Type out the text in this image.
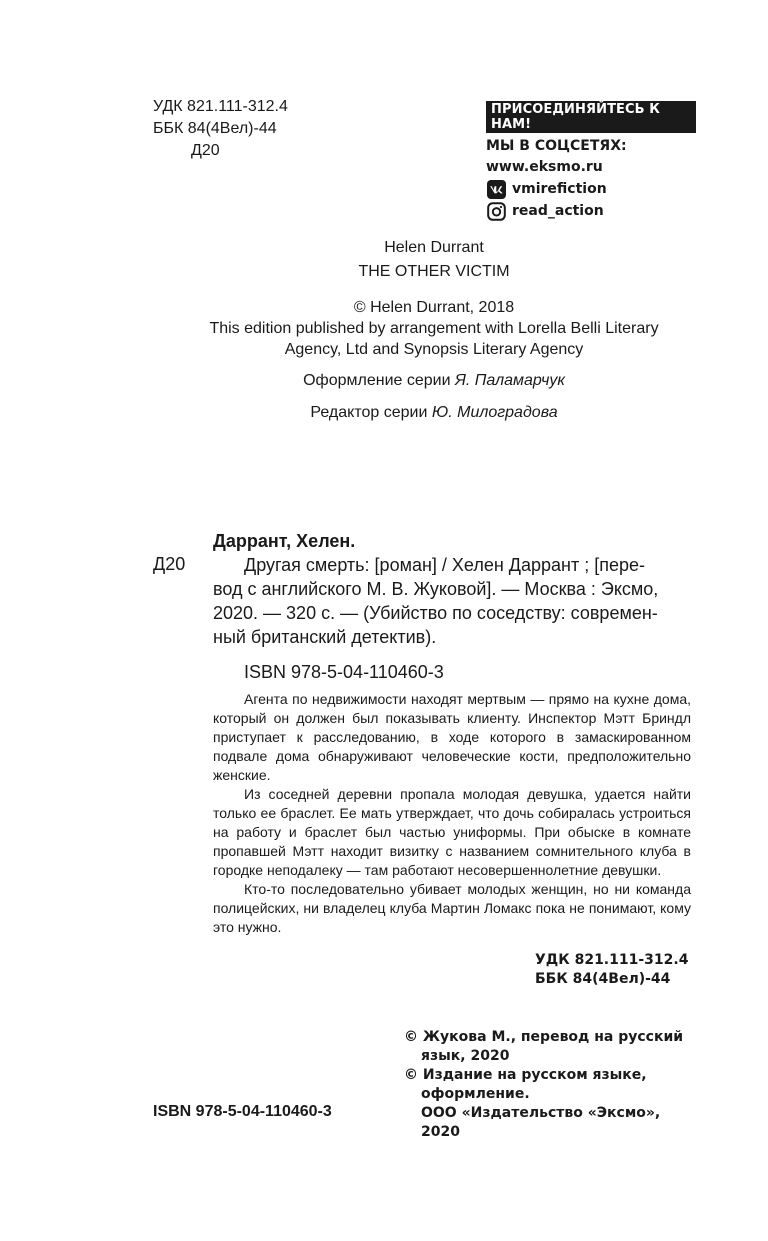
УДК 821.111-312.4
ББК 84(4Вел)-44
Д20
ПРИСОЕДИНЯЙТЕСЬ К НАМ!
МЫ В СОЦСЕТЯХ:
www.eksmo.ru
vmirefiction
read_action
Helen Durrant
THE OTHER VICTIM
© Helen Durrant, 2018
This edition published by arrangement with Lorella Belli Literary
Agency, Ltd and Synopsis Literary Agency
Оформление серии Я. Паламарчук
Редактор серии Ю. Милоградова
Даррант, Хелен.
Д20	Другая смерть: [роман] / Хелен Даррант ; [пере-
вод с английского М. В. Жуковой]. — Москва : Эксмо,
2020. — 320 с. — (Убийство по соседству: современ-
ный британский детектив).
ISBN 978-5-04-110460-3

Агента по недвижимости находят мертвым — прямо на кухне дома, который он должен был показывать клиенту. Инспектор Мэтт Бриндл приступает к расследованию, в ходе которого в замаскированном подвале дома обнаруживают человеческие кости, предположительно женские.

Из соседней деревни пропала молодая девушка, удается найти только ее браслет. Ее мать утверждает, что дочь собиралась устроиться на работу и браслет был частью униформы. При обыске в комнате пропавшей Мэтт находит визитку с названием сомнительного клуба в городке неподалеку — там работают несовершеннолетние девушки.

Кто-то последовательно убивает молодых женщин, но ни команда полицейских, ни владелец клуба Мартин Ломакс пока не понимают, кому это нужно.

УДК 821.111-312.4
ББК 84(4Вел)-44
ISBN 978-5-04-110460-3

© Жукова М., перевод на русский

язык, 2020

© Издание на русском языке,

оформление.

ООО «Издательство «Эксмо», 2020
